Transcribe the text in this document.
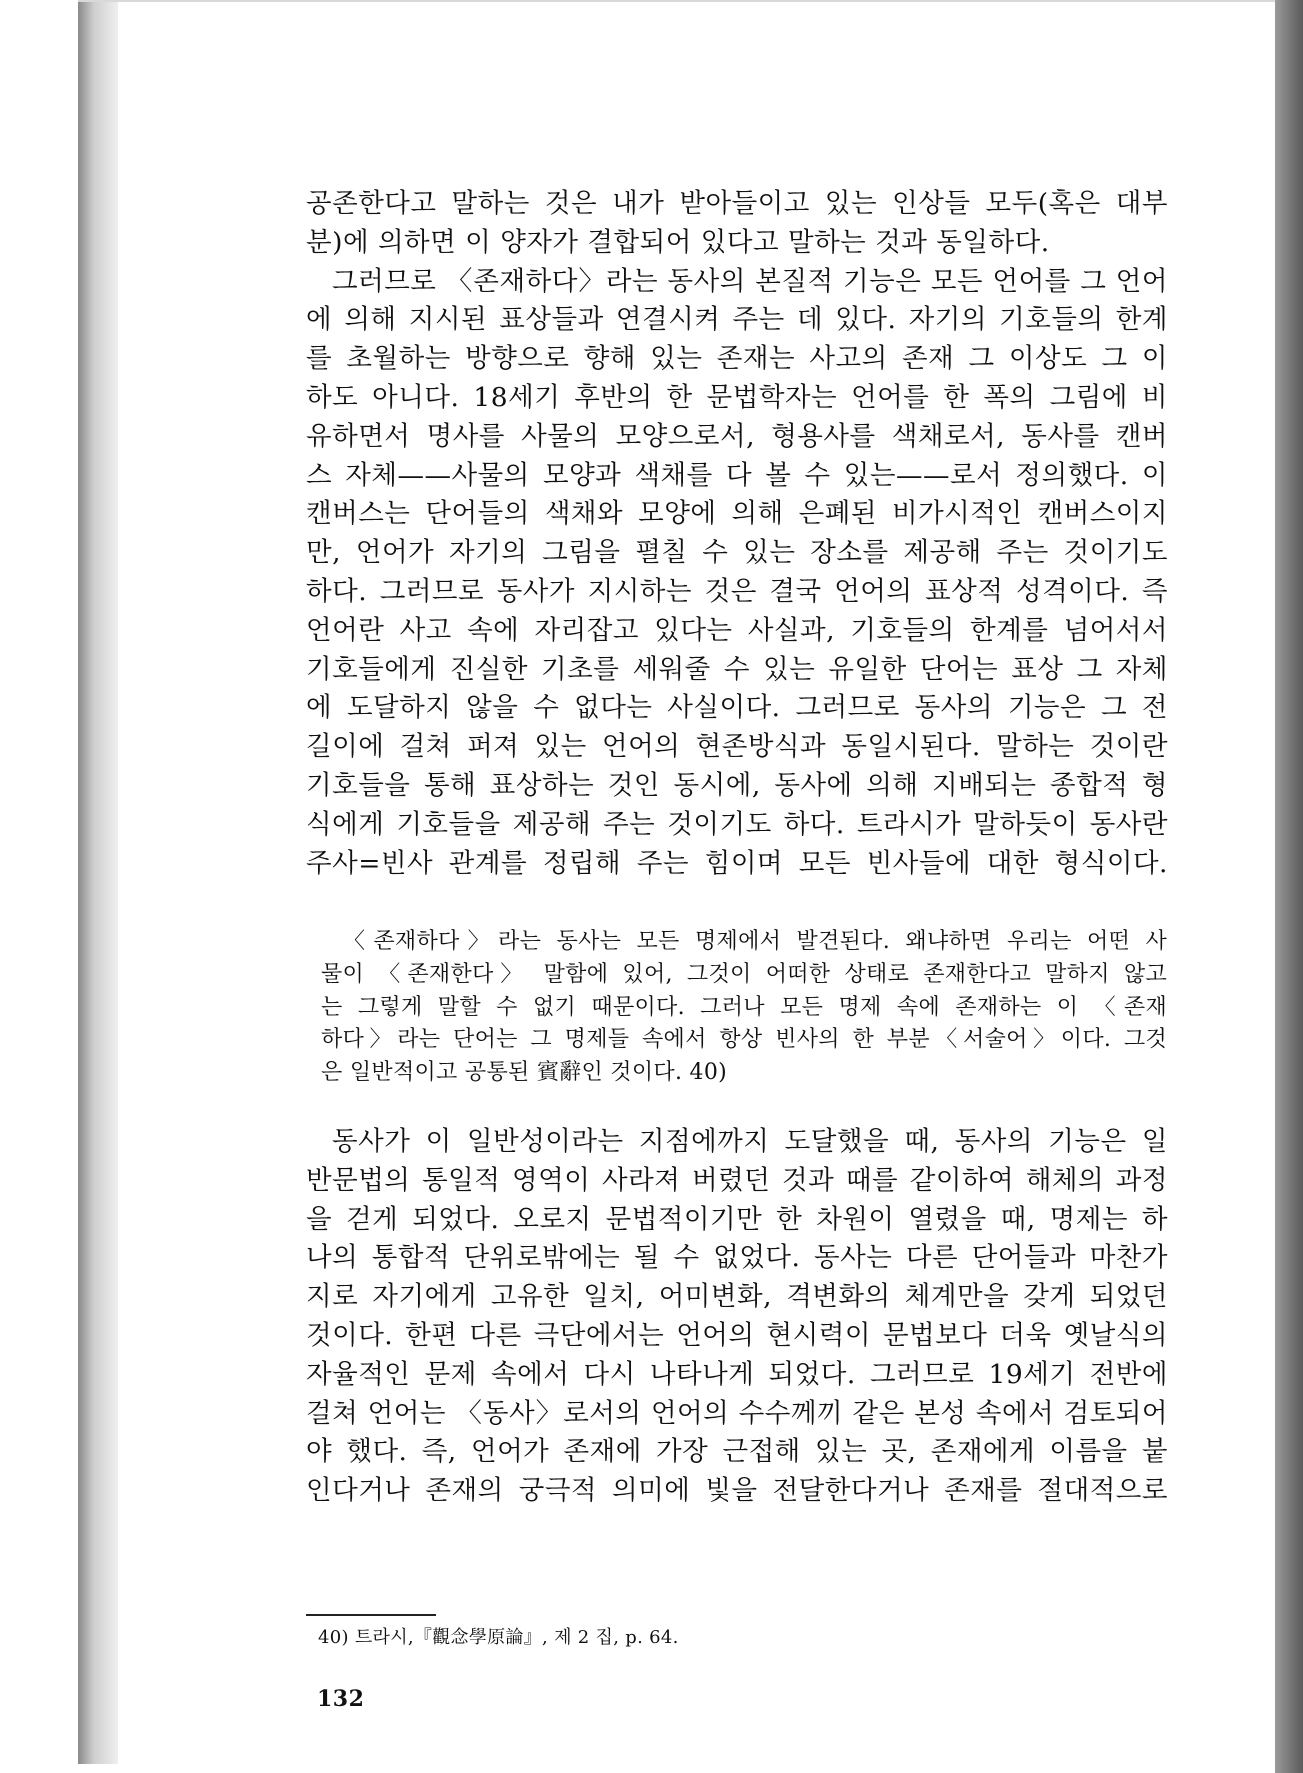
공존한다고 말하는 것은 내가 받아들이고 있는 인상들 모두(혹은 대부

분)에 의하면 이 양자가 결합되어 있다고 말하는 것과 동일하다.

그러므로 〈존재하다〉라는 동사의 본질적 기능은 모든 언어를 그 언어

에 의해 지시된 표상들과 연결시켜 주는 데 있다. 자기의 기호들의 한계

를 초월하는 방향으로 향해 있는 존재는 사고의 존재 그 이상도 그 이

하도 아니다. 18세기 후반의 한 문법학자는 언어를 한 폭의 그림에 비

유하면서 명사를 사물의 모양으로서, 형용사를 색채로서, 동사를 캔버

스 자체——사물의 모양과 색채를 다 볼 수 있는——로서 정의했다. 이

캔버스는 단어들의 색채와 모양에 의해 은폐된 비가시적인 캔버스이지

만, 언어가 자기의 그림을 펼칠 수 있는 장소를 제공해 주는 것이기도

하다. 그러므로 동사가 지시하는 것은 결국 언어의 표상적 성격이다. 즉

언어란 사고 속에 자리잡고 있다는 사실과, 기호들의 한계를 넘어서서

기호들에게 진실한 기초를 세워줄 수 있는 유일한 단어는 표상 그 자체

에 도달하지 않을 수 없다는 사실이다. 그러므로 동사의 기능은 그 전

길이에 걸쳐 퍼져 있는 언어의 현존방식과 동일시된다. 말하는 것이란

기호들을 통해 표상하는 것인 동시에, 동사에 의해 지배되는 종합적 형

식에게 기호들을 제공해 주는 것이기도 하다. 트라시가 말하듯이 동사란

주사=빈사 관계를 정립해 주는 힘이며 모든 빈사들에 대한 형식이다.

〈존재하다〉라는 동사는 모든 명제에서 발견된다. 왜냐하면 우리는 어떤 사

물이 〈존재한다〉 말함에 있어, 그것이 어떠한 상태로 존재한다고 말하지 않고

는 그렇게 말할 수 없기 때문이다. 그러나 모든 명제 속에 존재하는 이 〈존재

하다〉라는 단어는 그 명제들 속에서 항상 빈사의 한 부분〈서술어〉이다. 그것

은 일반적이고 공통된 賓辭인 것이다. 40)

동사가 이 일반성이라는 지점에까지 도달했을 때, 동사의 기능은 일

반문법의 통일적 영역이 사라져 버렸던 것과 때를 같이하여 해체의 과정

을 걷게 되었다. 오로지 문법적이기만 한 차원이 열렸을 때, 명제는 하

나의 통합적 단위로밖에는 될 수 없었다. 동사는 다른 단어들과 마찬가

지로 자기에게 고유한 일치, 어미변화, 격변화의 체계만을 갖게 되었던

것이다. 한편 다른 극단에서는 언어의 현시력이 문법보다 더욱 옛날식의

자율적인 문제 속에서 다시 나타나게 되었다. 그러므로 19세기 전반에

걸쳐 언어는 〈동사〉로서의 언어의 수수께끼 같은 본성 속에서 검토되어

야 했다. 즉, 언어가 존재에 가장 근접해 있는 곳, 존재에게 이름을 붙

인다거나 존재의 궁극적 의미에 빛을 전달한다거나 존재를 절대적으로

40) 트라시,『觀念學原論』, 제 2 집, p. 64.
132
